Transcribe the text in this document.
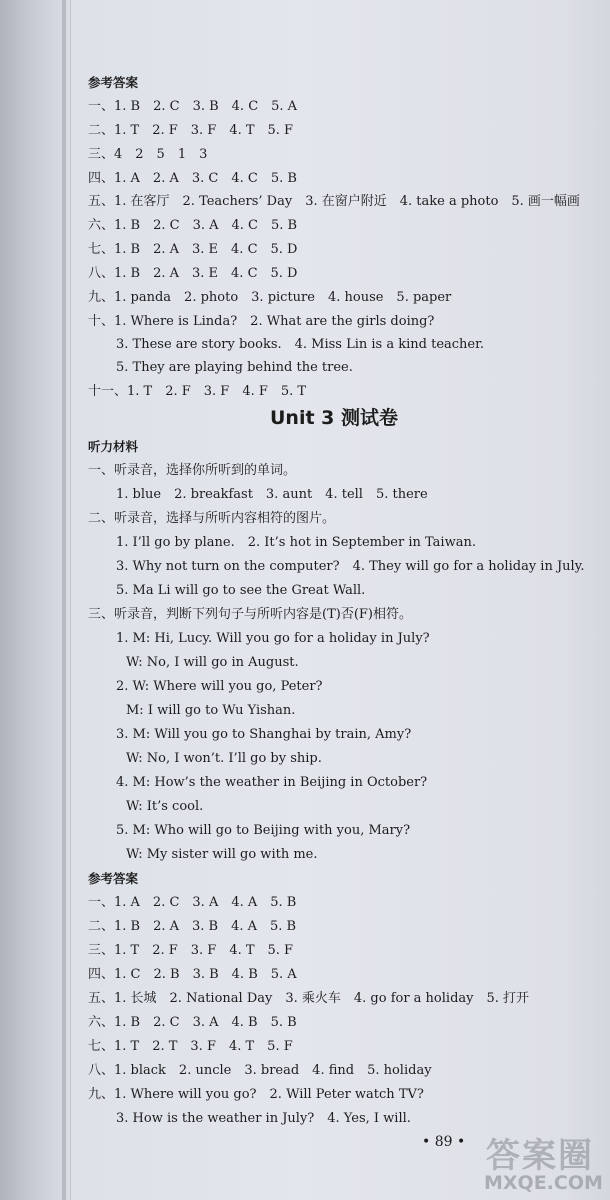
参考答案
一、1. B　2. C　3. B　4. C　5. A
二、1. T　2. F　3. F　4. T　5. F
三、4　2　5　1　3
四、1. A　2. A　3. C　4. C　5. B
五、1. 在客厅　2. Teachers’ Day　3. 在窗户附近　4. take a photo　5. 画一幅画
六、1. B　2. C　3. A　4. C　5. B
七、1. B　2. A　3. E　4. C　5. D
八、1. B　2. A　3. E　4. C　5. D
九、1. panda　2. photo　3. picture　4. house　5. paper
十、1. Where is Linda?　2. What are the girls doing?
3. These are story books.　4. Miss Lin is a kind teacher.
5. They are playing behind the tree.
十一、1. T　2. F　3. F　4. F　5. T
Unit 3 测试卷
听力材料
一、听录音，选择你所听到的单词。
1. blue　2. breakfast　3. aunt　4. tell　5. there
二、听录音，选择与所听内容相符的图片。
1. I’ll go by plane.　2. It’s hot in September in Taiwan.
3. Why not turn on the computer?　4. They will go for a holiday in July.
5. Ma Li will go to see the Great Wall.
三、听录音，判断下列句子与所听内容是(T)否(F)相符。
1. M: Hi, Lucy. Will you go for a holiday in July?
W: No, I will go in August.
2. W: Where will you go, Peter?
M: I will go to Wu Yishan.
3. M: Will you go to Shanghai by train, Amy?
W: No, I won’t. I’ll go by ship.
4. M: How’s the weather in Beijing in October?
W: It’s cool.
5. M: Who will go to Beijing with you, Mary?
W: My sister will go with me.
参考答案
一、1. A　2. C　3. A　4. A　5. B
二、1. B　2. A　3. B　4. A　5. B
三、1. T　2. F　3. F　4. T　5. F
四、1. C　2. B　3. B　4. B　5. A
五、1. 长城　2. National Day　3. 乘火车　4. go for a holiday　5. 打开
六、1. B　2. C　3. A　4. B　5. B
七、1. T　2. T　3. F　4. T　5. F
八、1. black　2. uncle　3. bread　4. find　5. holiday
九、1. Where will you go?　2. Will Peter watch TV?
3. How is the weather in July?　4. Yes, I will.
• 89 • 答案圈
MXQE.COM
